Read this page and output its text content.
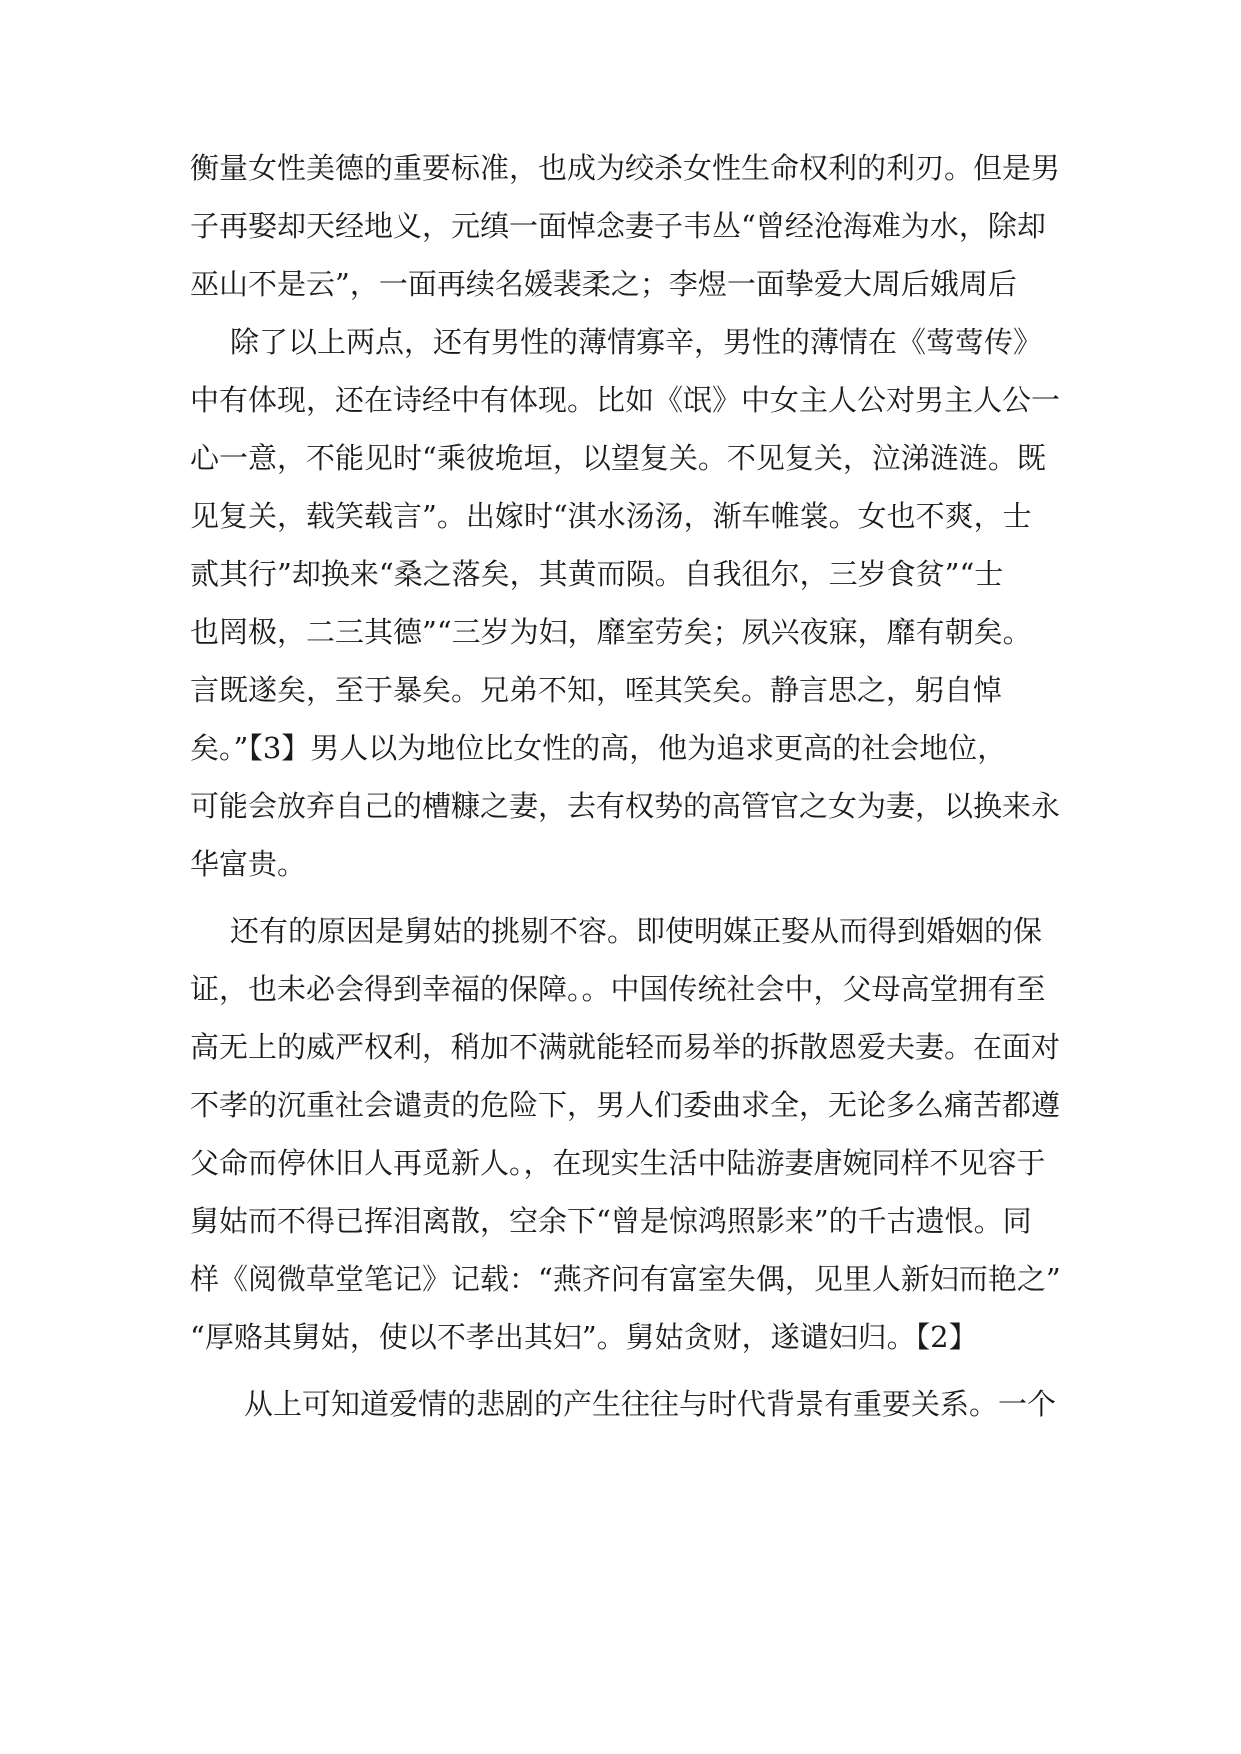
衡量女性美德的重要标准，也成为绞杀女性生命权利的利刃。但是男
子再娶却天经地义，元缜一面悼念妻子韦丛“曾经沧海难为水，除却
巫山不是云”，一面再续名媛裴柔之；李煜一面挚爱大周后娥周后
除了以上两点，还有男性的薄情寡辛，男性的薄情在《莺莺传》
中有体现，还在诗经中有体现。比如《氓》中女主人公对男主人公一
心一意，不能见时“乘彼垝垣，以望复关。不见复关，泣涕涟涟。既
见复关，载笑载言”。出嫁时“淇水汤汤，渐车帷裳。女也不爽，士
贰其行”却换来“桑之落矣，其黄而陨。自我徂尔，三岁食贫”“士
也罔极，二三其德”“三岁为妇，靡室劳矣；夙兴夜寐，靡有朝矣。
言既遂矣，至于暴矣。兄弟不知，咥其笑矣。静言思之，躬自悼
矣。”【3】男人以为地位比女性的高，他为追求更高的社会地位，
可能会放弃自己的槽糠之妻，去有权势的高管官之女为妻，以换来永
华富贵。
还有的原因是舅姑的挑剔不容。即使明媒正娶从而得到婚姻的保
证，也未必会得到幸福的保障。。中国传统社会中，父母高堂拥有至
高无上的威严权利，稍加不满就能轻而易举的拆散恩爱夫妻。在面对
不孝的沉重社会谴责的危险下，男人们委曲求全，无论多么痛苦都遵
父命而停休旧人再觅新人。，在现实生活中陆游妻唐婉同样不见容于
舅姑而不得已挥泪离散，空余下“曾是惊鸿照影来”的千古遗恨。同
样《阅微草堂笔记》记载：“燕齐问有富室失偶，见里人新妇而艳之”
“厚赂其舅姑，使以不孝出其妇”。舅姑贪财，遂谴妇归。【2】
从上可知道爱情的悲剧的产生往往与时代背景有重要关系。一个
